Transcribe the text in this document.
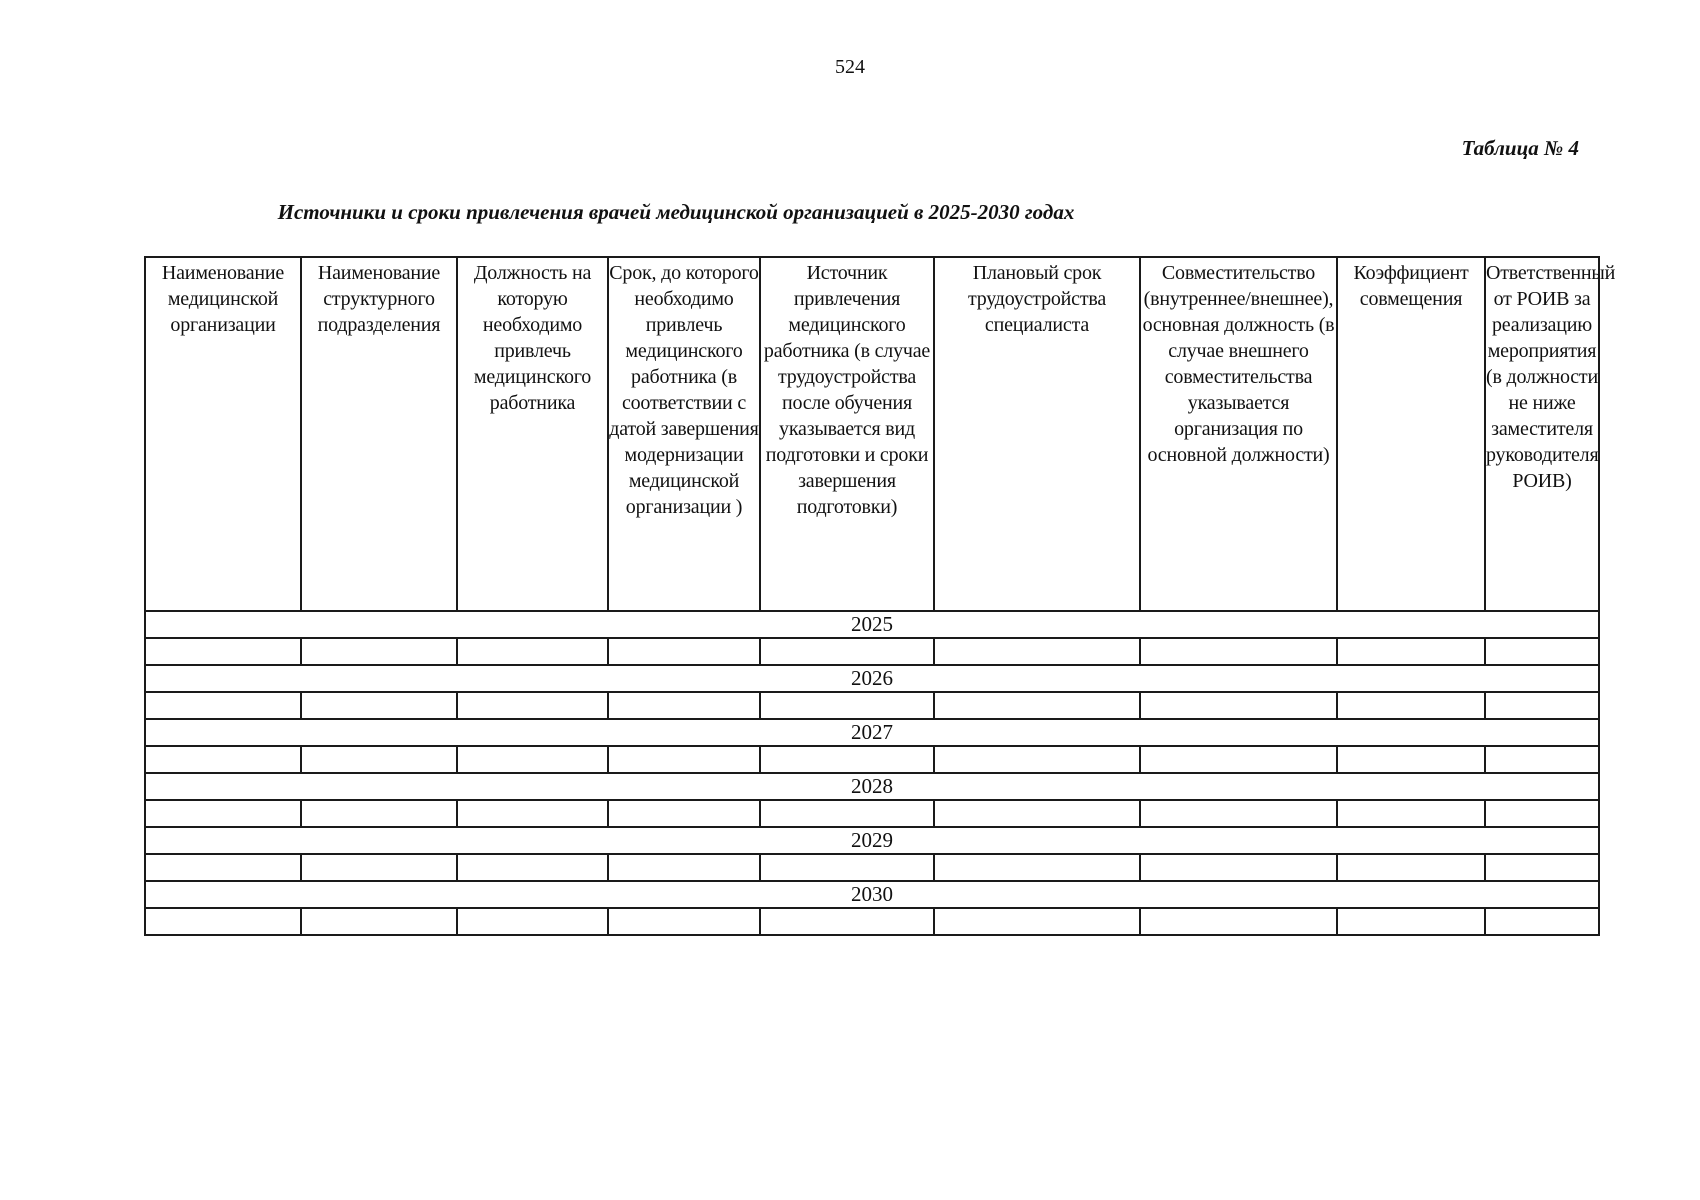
524
Таблица № 4
Источники и сроки привлечения врачей медицинской организацией в 2025-2030 годах
Наименование медицинской организации	Наименование структурного подразделения	Должность на которую необходимо привлечь медицинского работника	Срок, до которого необходимо привлечь медицинского работника (в соответствии с датой завершения модернизации медицинской организации )	Источник привлечения медицинского работника (в случае трудоустройства после обучения указывается вид подготовки и сроки завершения подготовки)	Плановый срок трудоустройства специалиста	Совместительство (внутреннее/внешнее), основная должность (в случае внешнего совместительства указывается организация по основной должности)	Коэффициент совмещения	Ответственный от РОИВ за реализацию мероприятия (в должности не ниже заместителя руководителя РОИВ)
2025								

2026								

2027								

2028								

2029								

2030								
